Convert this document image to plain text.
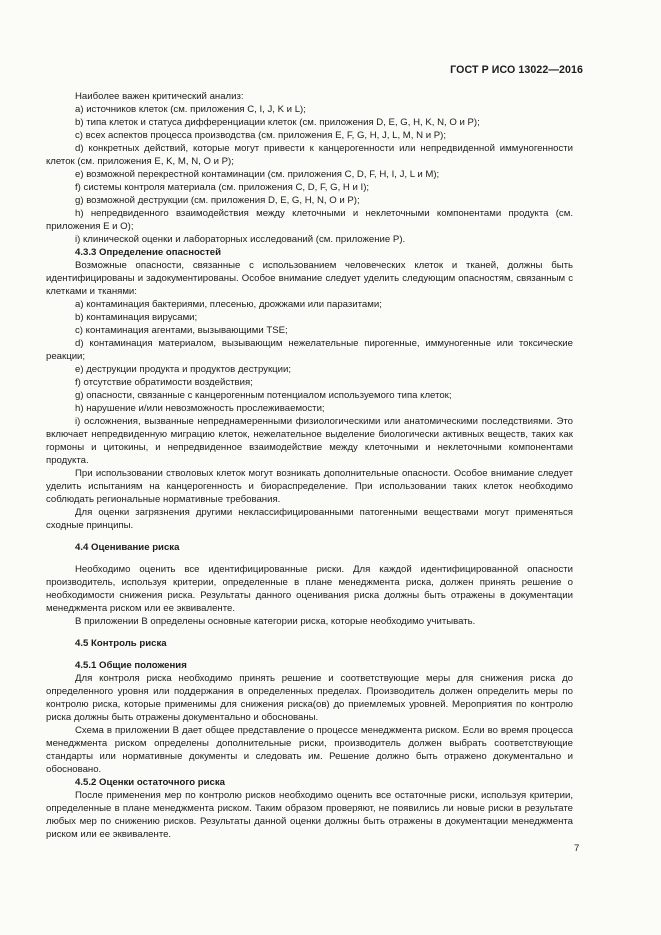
ГОСТ Р ИСО 13022—2016

Наиболее важен критический анализ:

a) источников клеток (см. приложения C, I, J, K и L);

b) типа клеток и статуса дифференциации клеток (см. приложения D, E, G, H, K, N, O и P);

c) всех аспектов процесса производства (см. приложения E, F, G, H, J, L, M, N и P);

d) конкретных действий, которые могут привести к канцерогенности или непредвиденной иммуногенности клеток (см. приложения E, K, M, N, O и P);

e) возможной перекрестной контаминации (см. приложения C, D, F, H, I, J, L и M);

f) системы контроля материала (см. приложения C, D, F, G, H и I);

g) возможной деструкции (см. приложения D, E, G, H, N, O и P);

h) непредвиденного взаимодействия между клеточными и неклеточными компонентами продукта (см. приложения E и O);

i) клинической оценки и лабораторных исследований (см. приложение P).

4.3.3 Определение опасностей

Возможные опасности, связанные с использованием человеческих клеток и тканей, должны быть идентифицированы и задокументированы. Особое внимание следует уделить следующим опасностям, связанным с клетками и тканями:

a) контаминация бактериями, плесенью, дрожжами или паразитами;

b) контаминация вирусами;

c) контаминация агентами, вызывающими TSE;

d) контаминация материалом, вызывающим нежелательные пирогенные, иммуногенные или токсические реакции;

e) деструкции продукта и продуктов деструкции;

f) отсутствие обратимости воздействия;

g) опасности, связанные с канцерогенным потенциалом используемого типа клеток;

h) нарушение и/или невозможность прослеживаемости;

i) осложнения, вызванные непреднамеренными физиологическими или анатомическими последствиями. Это включает непредвиденную миграцию клеток, нежелательное выделение биологически активных веществ, таких как гормоны и цитокины, и непредвиденное взаимодействие между клеточными и неклеточными компонентами продукта.

При использовании стволовых клеток могут возникать дополнительные опасности. Особое внимание следует уделить испытаниям на канцерогенность и биораспределение. При использовании таких клеток необходимо соблюдать региональные нормативные требования.

Для оценки загрязнения другими неклассифицированными патогенными веществами могут применяться сходные принципы.

4.4 Оценивание риска

Необходимо оценить все идентифицированные риски. Для каждой идентифицированной опасности производитель, используя критерии, определенные в плане менеджмента риска, должен принять решение о необходимости снижения риска. Результаты данного оценивания риска должны быть отражены в документации менеджмента риском или ее эквиваленте.

В приложении B определены основные категории риска, которые необходимо учитывать.

4.5 Контроль риска

4.5.1 Общие положения

Для контроля риска необходимо принять решение и соответствующие меры для снижения риска до определенного уровня или поддержания в определенных пределах. Производитель должен определить меры по контролю риска, которые применимы для снижения риска(ов) до приемлемых уровней. Мероприятия по контролю риска должны быть отражены документально и обоснованы.

Схема в приложении B дает общее представление о процессе менеджмента риском. Если во время процесса менеджмента риском определены дополнительные риски, производитель должен выбрать соответствующие стандарты или нормативные документы и следовать им. Решение должно быть отражено документально и обосновано.

4.5.2 Оценки остаточного риска

После применения мер по контролю рисков необходимо оценить все остаточные риски, используя критерии, определенные в плане менеджмента риском. Таким образом проверяют, не появились ли новые риски в результате любых мер по снижению рисков. Результаты данной оценки должны быть отражены в документации менеджмента риском или ее эквиваленте.

7
